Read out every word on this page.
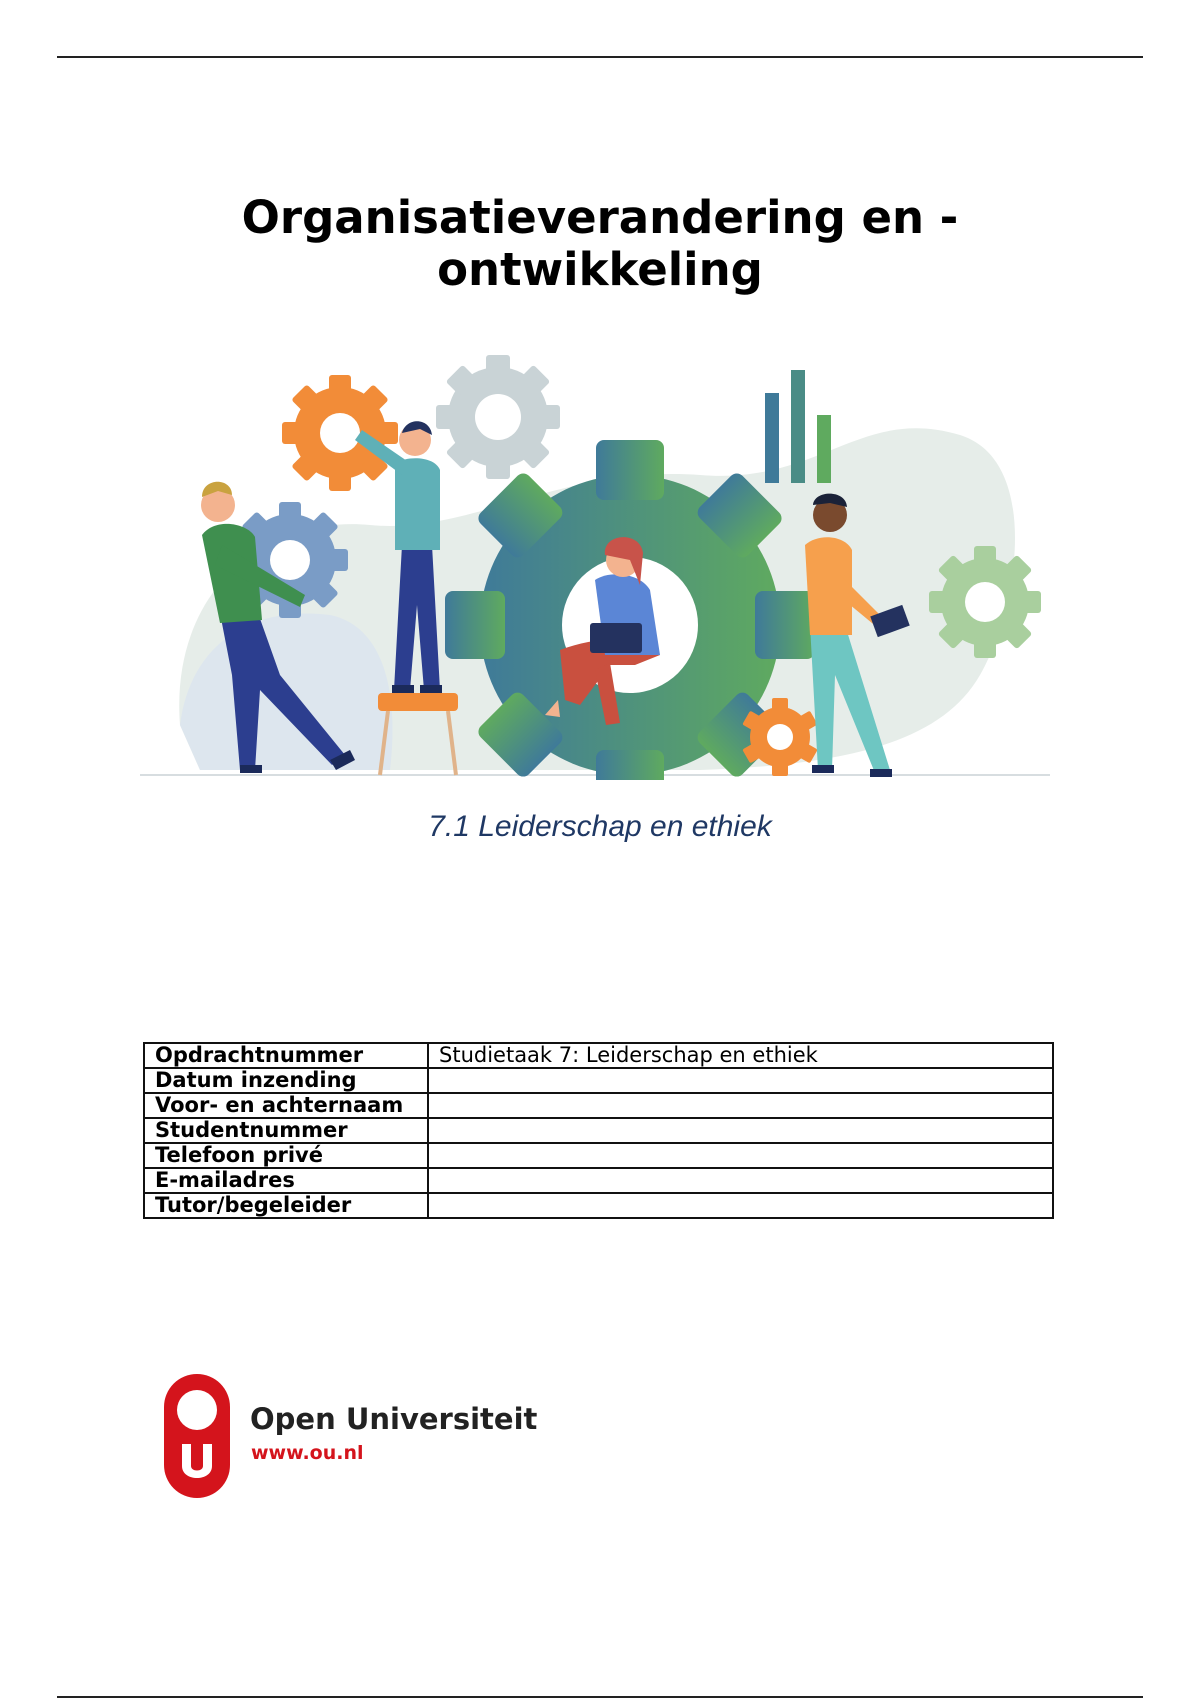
Organisatieverandering en -
ontwikkeling
7.1 Leiderschap en ethiek
Opdrachtnummer	Studietaak 7: Leiderschap en ethiek
Datum inzending	
Voor- en achternaam	
Studentnummer	
Telefoon privé	
E-mailadres	
Tutor/begeleider	
Open Universiteit
www.ou.nl
